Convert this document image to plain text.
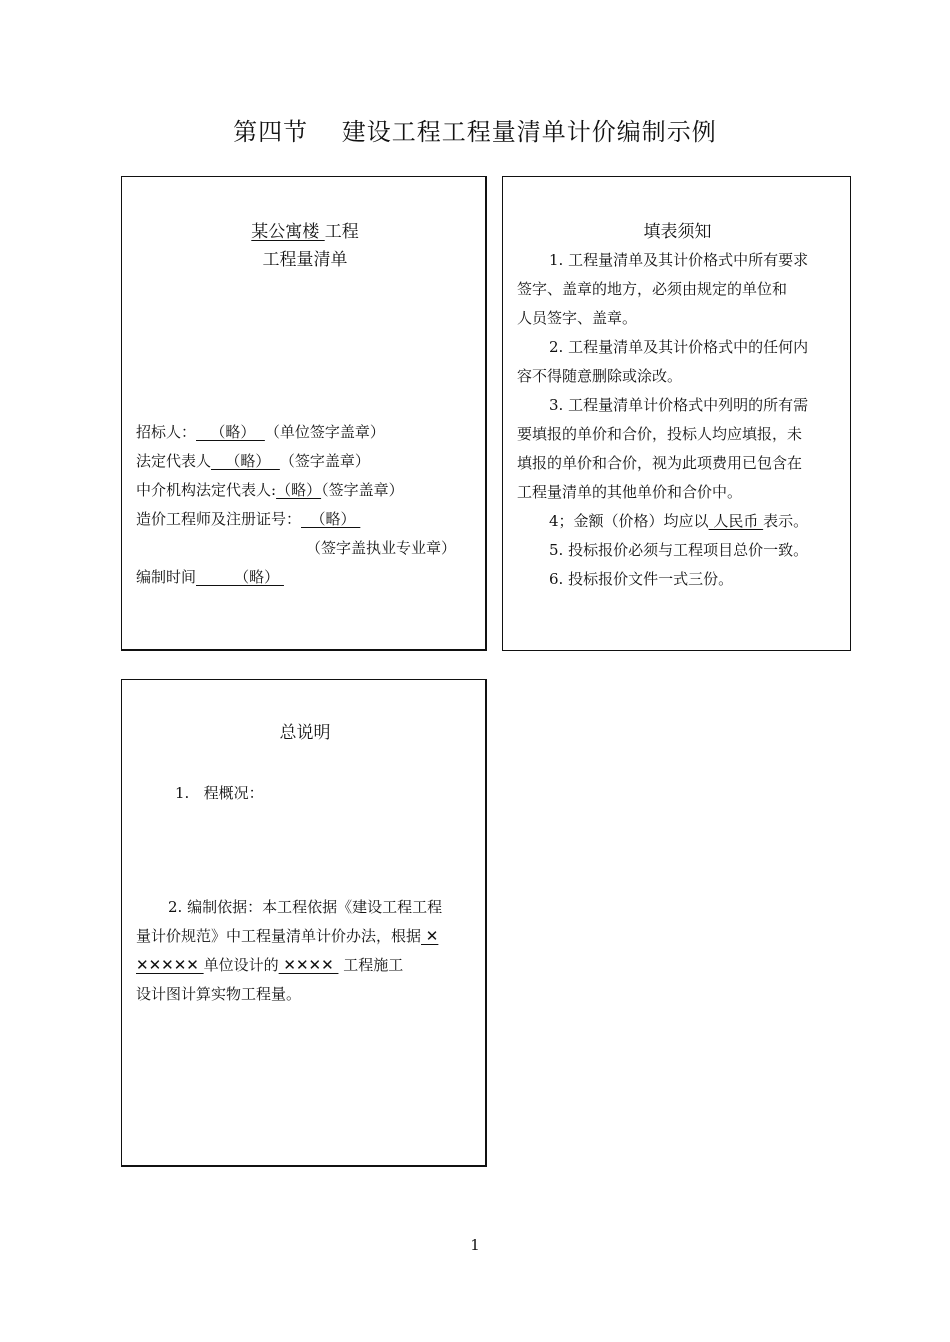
第四节　 建设工程工程量清单计价编制示例
某公寓楼 工程
工程量清单
招标人：   （略）  （单位签字盖章）
法定代表人   （略）  （签字盖章）
中介机构法定代表人:（略）（签字盖章）
造价工程师及注册证号：  （略）
（签字盖执业专业章）
编制时间        （略）
填表须知
1. 工程量清单及其计价格式中所有要求
签字、盖章的地方，必须由规定的单位和
人员签字、盖章。
2. 工程量清单及其计价格式中的任何内
容不得随意删除或涂改。
3. 工程量清单计价格式中列明的所有需
要填报的单价和合价，投标人均应填报，未
填报的单价和合价，视为此项费用已包含在
工程量清单的其他单价和合价中。
4；金额（价格）均应以 人民币 表示。
5. 投标报价必须与工程项目总价一致。
6. 投标报价文件一式三份。
总说明
1.   程概况：
2. 编制依据：本工程依据《建设工程工程
量计价规范》中工程量清单计价办法，根据 ✕
✕✕✕✕✕ 单位设计的 ✕✕✕✕  工程施工
设计图计算实物工程量。
1
